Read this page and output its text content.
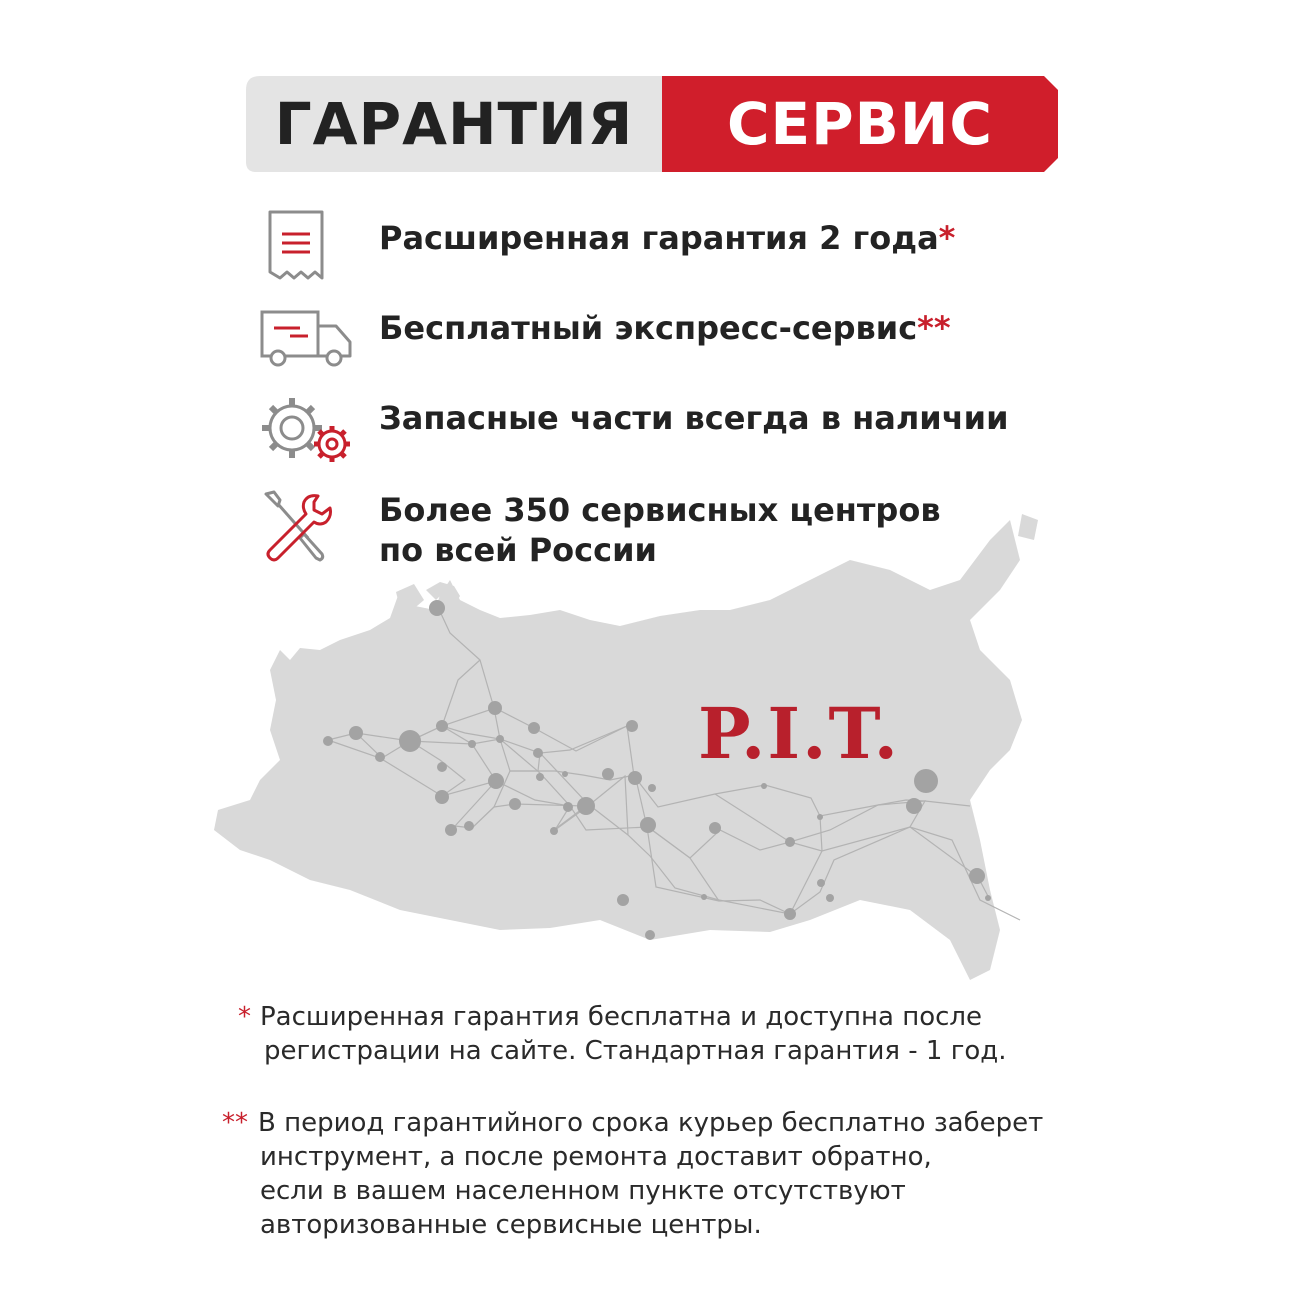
ГАРАНТИЯ	СЕРВИС
Расширенная гарантия 2 года*
Бесплатный экспресс-сервис**
Запасные части всегда в наличии
Более 350 сервисных центров
по всей России
P.I.T.
* Расширенная гарантия бесплатна и доступна после
регистрации на сайте. Стандартная гарантия - 1 год.
** В период гарантийного срока курьер бесплатно заберет
инструмент, а после ремонта доставит обратно,
если в вашем населенном пункте отсутствуют
авторизованные сервисные центры.
